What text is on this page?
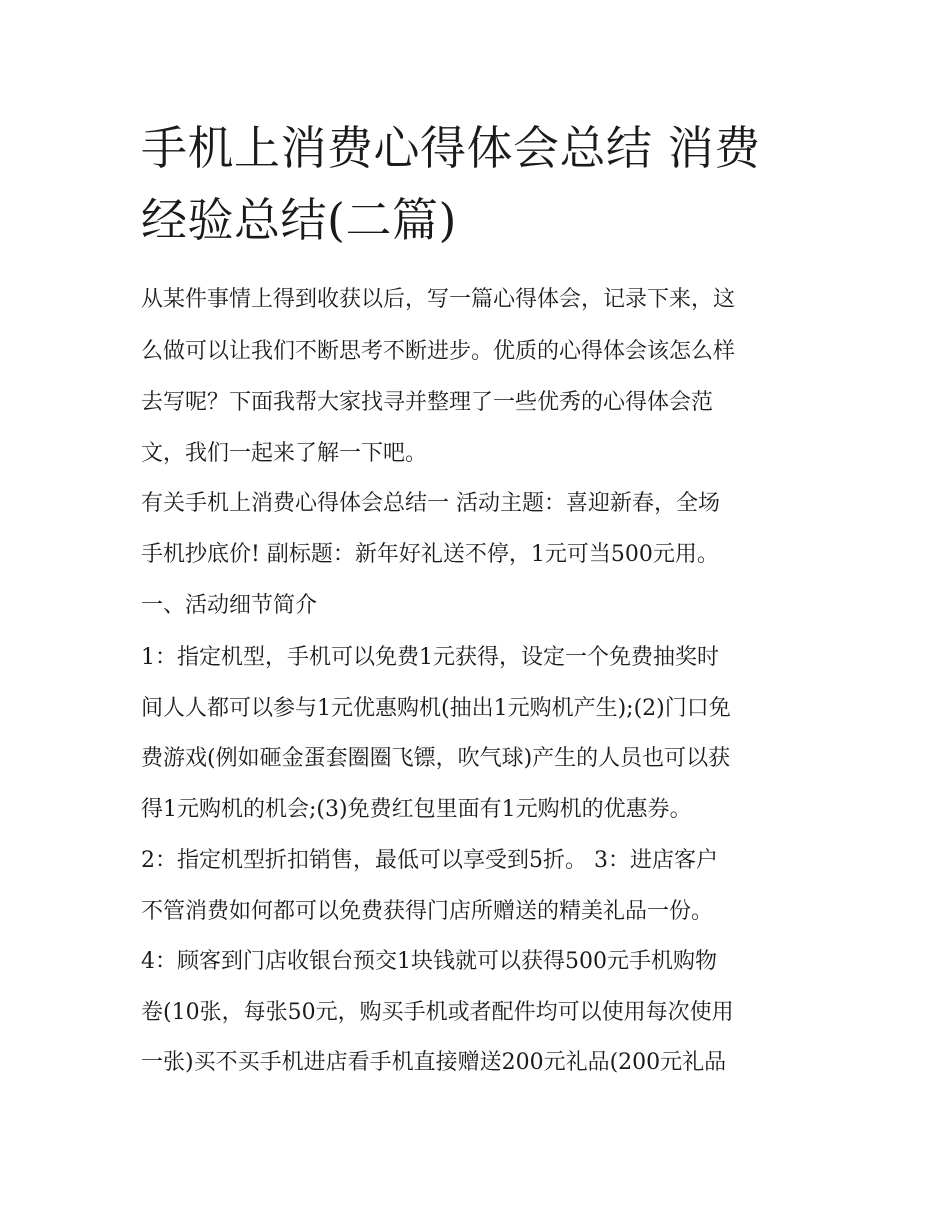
手机上消费心得体会总结 消费
经验总结(二篇)
从某件事情上得到收获以后，写一篇心得体会，记录下来，这
么做可以让我们不断思考不断进步。优质的心得体会该怎么样
去写呢？下面我帮大家找寻并整理了一些优秀的心得体会范
文，我们一起来了解一下吧。
有关手机上消费心得体会总结一 活动主题：喜迎新春，全场
手机抄底价! 副标题：新年好礼送不停，1元可当500元用。
一、活动细节简介
1：指定机型，手机可以免费1元获得，设定一个免费抽奖时
间人人都可以参与1元优惠购机(抽出1元购机产生);(2)门口免
费游戏(例如砸金蛋套圈圈飞镖，吹气球)产生的人员也可以获
得1元购机的机会;(3)免费红包里面有1元购机的优惠券。
2：指定机型折扣销售，最低可以享受到5折。 3：进店客户
不管消费如何都可以免费获得门店所赠送的精美礼品一份。
4：顾客到门店收银台预交1块钱就可以获得500元手机购物
卷(10张，每张50元，购买手机或者配件均可以使用每次使用
一张)买不买手机进店看手机直接赠送200元礼品(200元礼品
